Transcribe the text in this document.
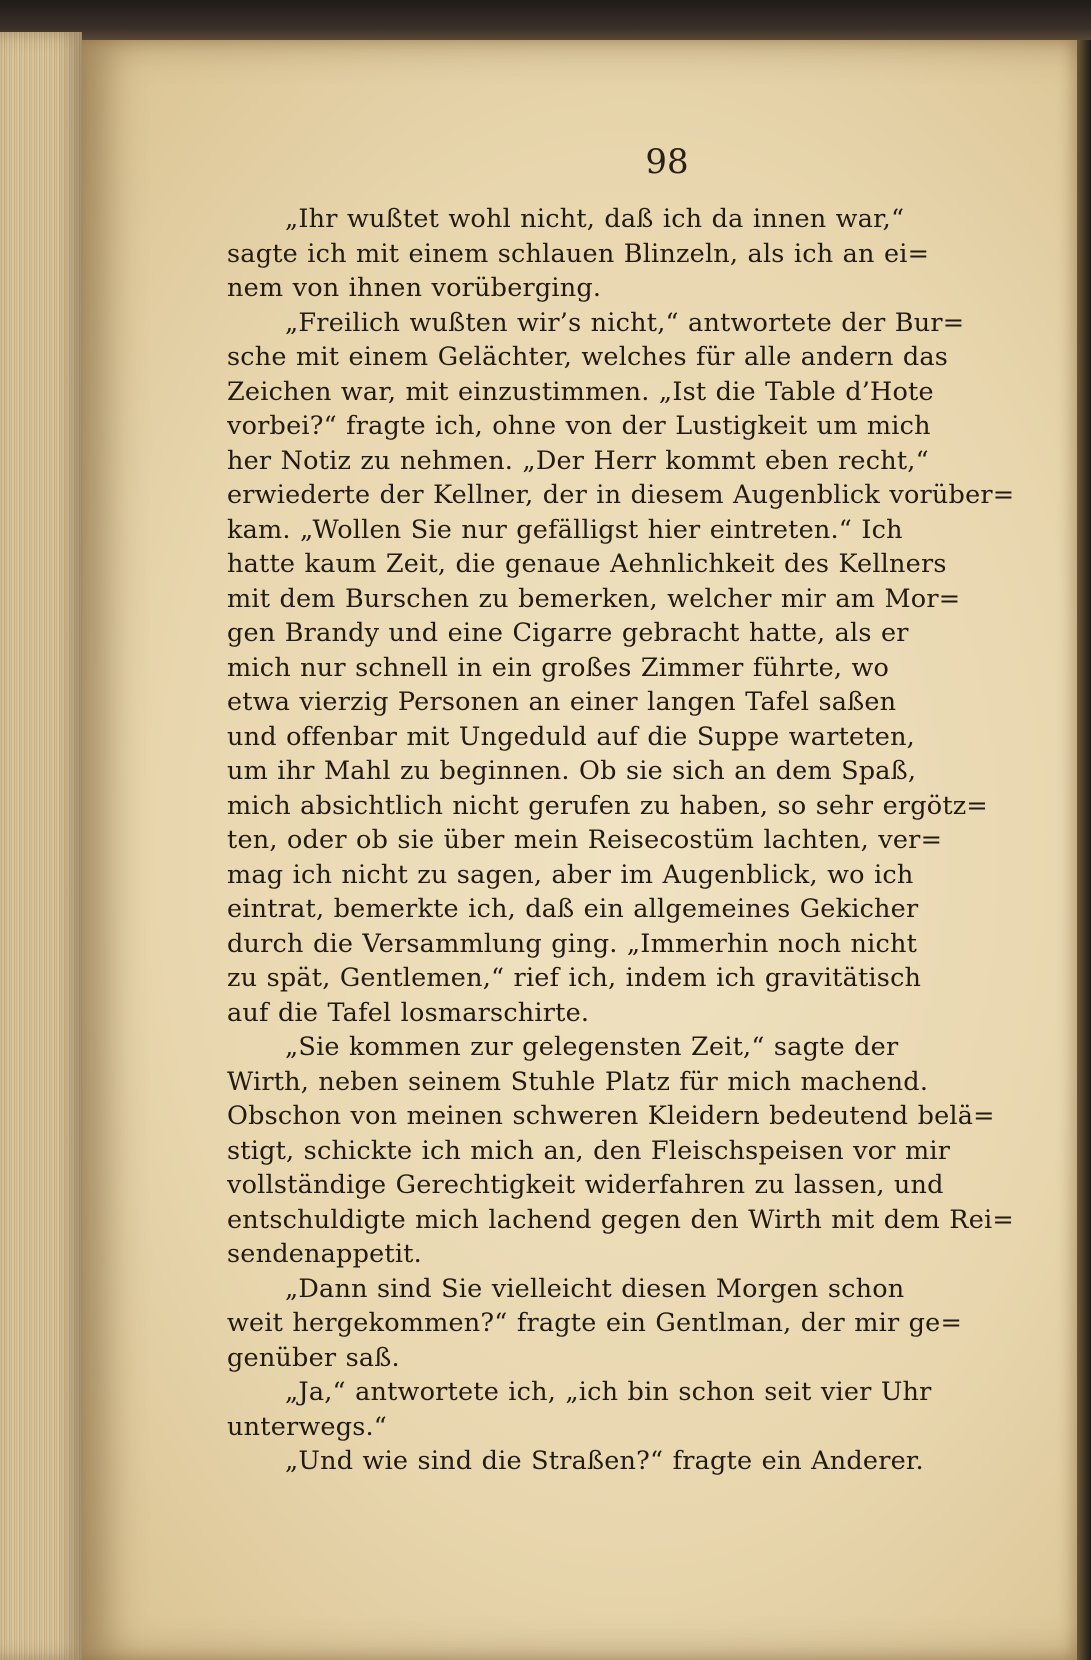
98
„Ihr wußtet wohl nicht, daß ich da innen war,“
sagte ich mit einem schlauen Blinzeln, als ich an ei=
nem von ihnen vorüberging.
„Freilich wußten wir’s nicht,“ antwortete der Bur=
sche mit einem Gelächter, welches für alle andern das
Zeichen war, mit einzustimmen. „Ist die Table d’Hote
vorbei?“ fragte ich, ohne von der Lustigkeit um mich
her Notiz zu nehmen. „Der Herr kommt eben recht,“
erwiederte der Kellner, der in diesem Augenblick vorüber=
kam. „Wollen Sie nur gefälligst hier eintreten.“ Ich
hatte kaum Zeit, die genaue Aehnlichkeit des Kellners
mit dem Burschen zu bemerken, welcher mir am Mor=
gen Brandy und eine Cigarre gebracht hatte, als er
mich nur schnell in ein großes Zimmer führte, wo
etwa vierzig Personen an einer langen Tafel saßen
und offenbar mit Ungeduld auf die Suppe warteten,
um ihr Mahl zu beginnen. Ob sie sich an dem Spaß,
mich absichtlich nicht gerufen zu haben, so sehr ergötz=
ten, oder ob sie über mein Reisecostüm lachten, ver=
mag ich nicht zu sagen, aber im Augenblick, wo ich
eintrat, bemerkte ich, daß ein allgemeines Gekicher
durch die Versammlung ging. „Immerhin noch nicht
zu spät, Gentlemen,“ rief ich, indem ich gravitätisch
auf die Tafel losmarschirte.
„Sie kommen zur gelegensten Zeit,“ sagte der
Wirth, neben seinem Stuhle Platz für mich machend.
Obschon von meinen schweren Kleidern bedeutend belä=
stigt, schickte ich mich an, den Fleischspeisen vor mir
vollständige Gerechtigkeit widerfahren zu lassen, und
entschuldigte mich lachend gegen den Wirth mit dem Rei=
sendenappetit.
„Dann sind Sie vielleicht diesen Morgen schon
weit hergekommen?“ fragte ein Gentlman, der mir ge=
genüber saß.
„Ja,“ antwortete ich, „ich bin schon seit vier Uhr
unterwegs.“
„Und wie sind die Straßen?“ fragte ein Anderer.
